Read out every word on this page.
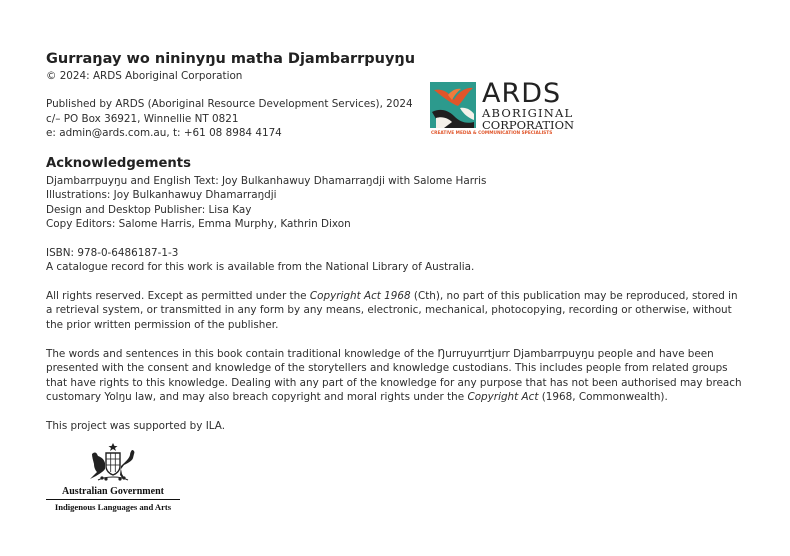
Gurraŋay wo nininyŋu matha Djambarrpuyŋu
© 2024: ARDS Aboriginal Corporation
Published by ARDS (Aboriginal Resource Development Services), 2024
c/– PO Box 36921, Winnellie NT 0821
e: admin@ards.com.au, t: +61 08 8984 4174
ARDS
ABORIGINAL
CORPORATION
CREATIVE MEDIA & COMMUNICATION SPECIALISTS
Acknowledgements
Djambarrpuyŋu and English Text: Joy Bulkanhawuy Dhamarraŋdji with Salome Harris
Illustrations: Joy Bulkanhawuy Dhamarraŋdji
Design and Desktop Publisher: Lisa Kay
Copy Editors: Salome Harris, Emma Murphy, Kathrin Dixon
ISBN: 978-0-6486187-1-3
A catalogue record for this work is available from the National Library of Australia.
All rights reserved. Except as permitted under the Copyright Act 1968 (Cth), no part of this publication may be reproduced, stored in
a retrieval system, or transmitted in any form by any means, electronic, mechanical, photocopying, recording or otherwise, without
the prior written permission of the publisher.
The words and sentences in this book contain traditional knowledge of the Ŋurruyurrtjurr Djambarrpuyŋu people and have been
presented with the consent and knowledge of the storytellers and knowledge custodians. This includes people from related groups
that have rights to this knowledge. Dealing with any part of the knowledge for any purpose that has not been authorised may breach
customary Yolŋu law, and may also breach copyright and moral rights under the Copyright Act (1968, Commonwealth).
This project was supported by ILA.
Australian Government
Indigenous Languages and Arts
